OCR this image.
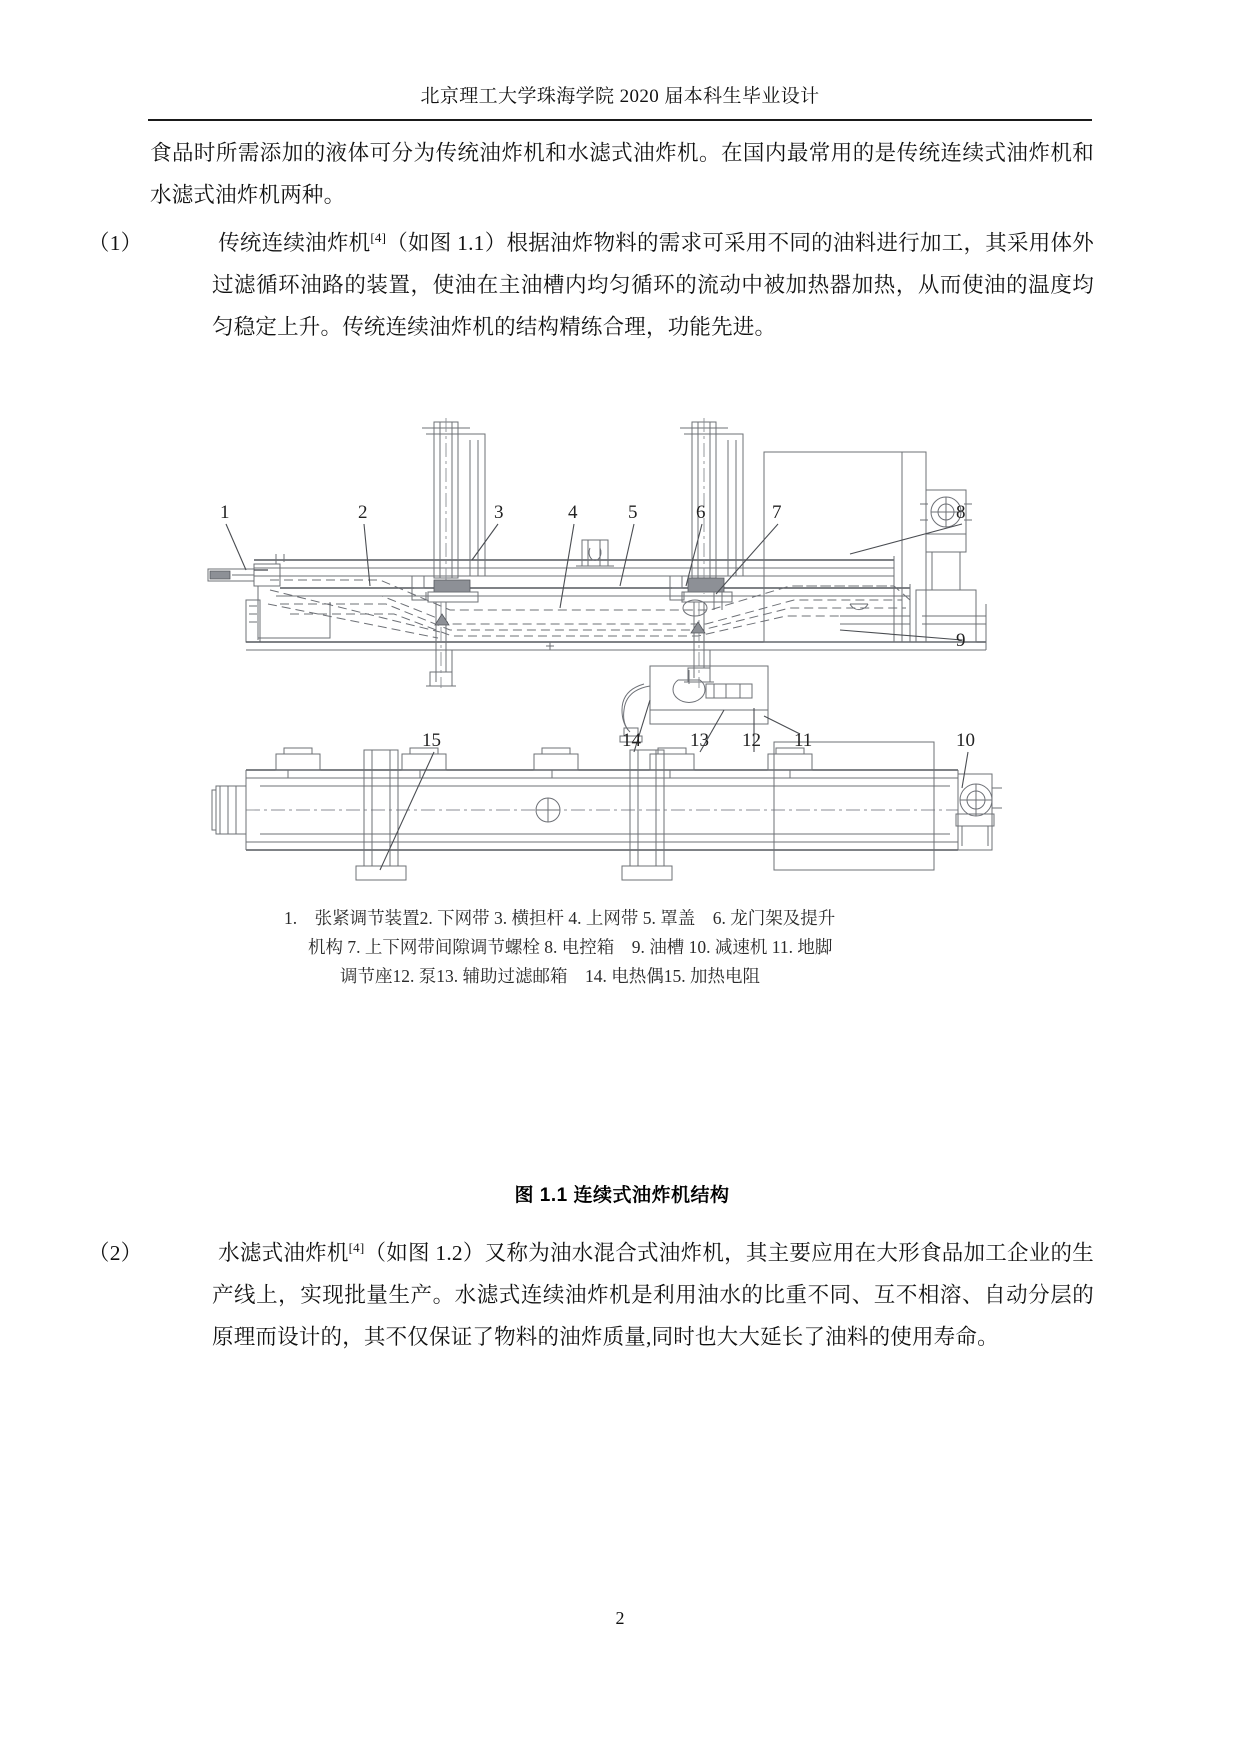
北京理工大学珠海学院 2020 届本科生毕业设计

食品时所需添加的液体可分为传统油炸机和水滤式油炸机。在国内最常用的是传统连续式油炸机和水滤式油炸机两种。

（1）	传统连续油炸机[4]（如图 1.1）根据油炸物料的需求可采用不同的油料进行加工，其采用体外过滤循环油路的装置，使油在主油槽内均匀循环的流动中被加热器加热，从而使油的温度均匀稳定上升。传统连续油炸机的结构精练合理，功能先进。

1	2	3	4	5	6	7	8
9
10
11
12
13
14
15
1.　张紧调节装置2. 下网带 3. 横担杆 4. 上网带 5. 罩盖　6. 龙门架及提升
机构 7. 上下网带间隙调节螺栓 8. 电控箱　9. 油槽 10. 减速机 11. 地脚
调节座12. 泵13. 辅助过滤邮箱　14. 电热偶15. 加热电阻
图 1.1 连续式油炸机结构

（2）	水滤式油炸机[4]（如图 1.2）又称为油水混合式油炸机，其主要应用在大形食品加工企业的生产线上，实现批量生产。水滤式连续油炸机是利用油水的比重不同、互不相溶、自动分层的原理而设计的，其不仅保证了物料的油炸质量,同时也大大延长了油料的使用寿命。

2
